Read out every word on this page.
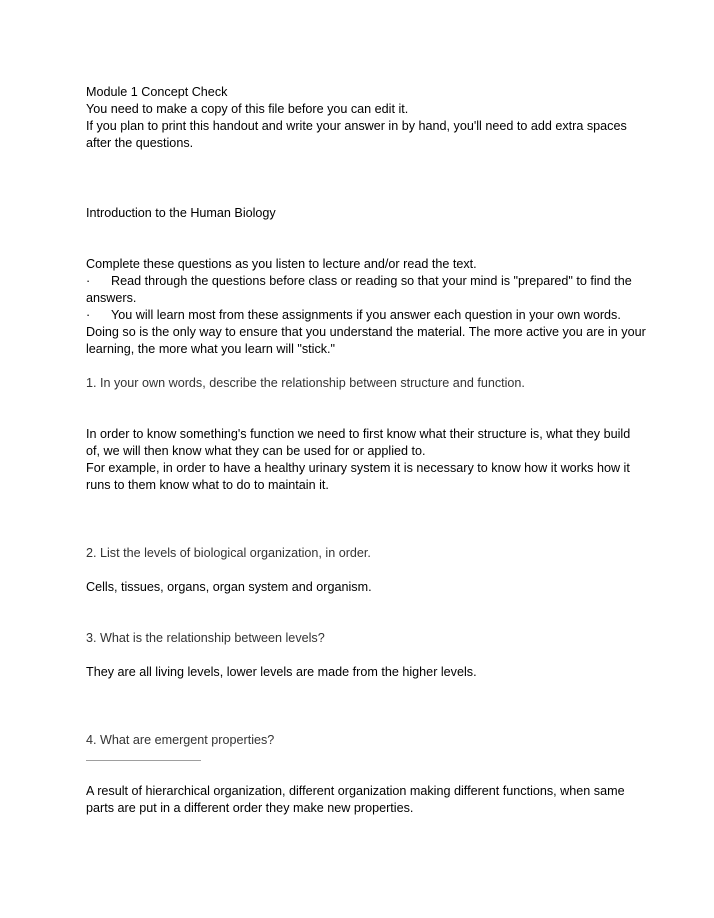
Module 1 Concept Check
You need to make a copy of this file before you can edit it.
If you plan to print this handout and write your answer in by hand, you'll need to add extra spaces after the questions.
Introduction to the Human Biology
Complete these questions as you listen to lecture and/or read the text.
· Read through the questions before class or reading so that your mind is "prepared" to find the answers.
· You will learn most from these assignments if you answer each question in your own words. Doing so is the only way to ensure that you understand the material. The more active you are in your learning, the more what you learn will "stick."
1. In your own words, describe the relationship between structure and function.
In order to know something's function we need to first know what their structure is, what they build of, we will then know what they can be used for or applied to.
For example, in order to have a healthy urinary system it is necessary to know how it works how it runs to them know what to do to maintain it.
2. List the levels of biological organization, in order.
Cells, tissues, organs, organ system and organism.
3. What is the relationship between levels?
They are all living levels, lower levels are made from the higher levels.
4. What are emergent properties?
A result of hierarchical organization, different organization making different functions, when same parts are put in a different order they make new properties.
